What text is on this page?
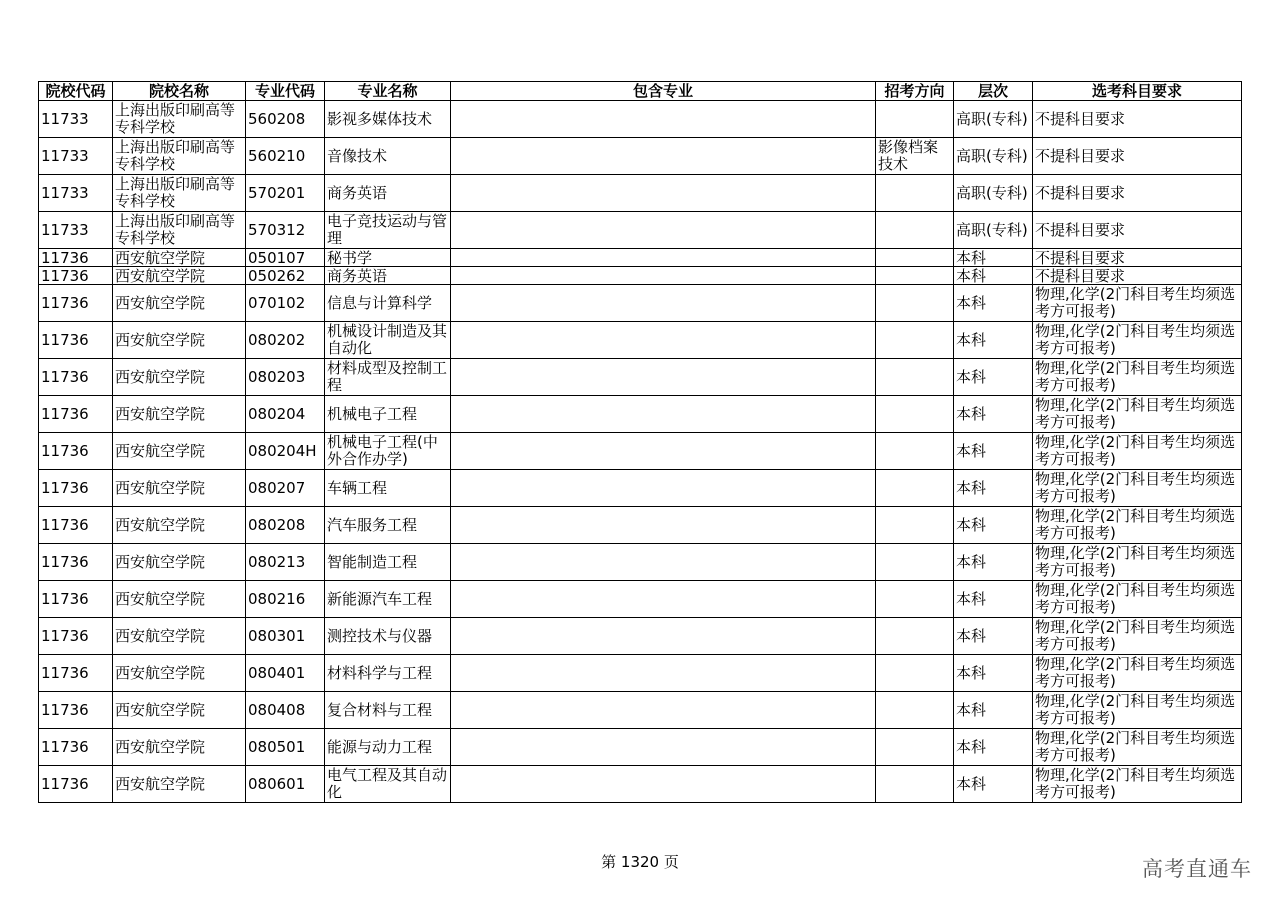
院校代码	院校名称	专业代码	专业名称	包含专业	招考方向	层次	选考科目要求
11733	上海出版印刷高等专科学校	560208	影视多媒体技术			高职(专科)	不提科目要求
11733	上海出版印刷高等专科学校	560210	音像技术		影像档案技术	高职(专科)	不提科目要求
11733	上海出版印刷高等专科学校	570201	商务英语			高职(专科)	不提科目要求
11733	上海出版印刷高等专科学校	570312	电子竞技运动与管理			高职(专科)	不提科目要求
11736	西安航空学院	050107	秘书学			本科	不提科目要求
11736	西安航空学院	050262	商务英语			本科	不提科目要求
11736	西安航空学院	070102	信息与计算科学			本科	物理,化学(2门科目考生均须选考方可报考)
11736	西安航空学院	080202	机械设计制造及其自动化			本科	物理,化学(2门科目考生均须选考方可报考)
11736	西安航空学院	080203	材料成型及控制工程			本科	物理,化学(2门科目考生均须选考方可报考)
11736	西安航空学院	080204	机械电子工程			本科	物理,化学(2门科目考生均须选考方可报考)
11736	西安航空学院	080204H	机械电子工程(中外合作办学)			本科	物理,化学(2门科目考生均须选考方可报考)
11736	西安航空学院	080207	车辆工程			本科	物理,化学(2门科目考生均须选考方可报考)
11736	西安航空学院	080208	汽车服务工程			本科	物理,化学(2门科目考生均须选考方可报考)
11736	西安航空学院	080213	智能制造工程			本科	物理,化学(2门科目考生均须选考方可报考)
11736	西安航空学院	080216	新能源汽车工程			本科	物理,化学(2门科目考生均须选考方可报考)
11736	西安航空学院	080301	测控技术与仪器			本科	物理,化学(2门科目考生均须选考方可报考)
11736	西安航空学院	080401	材料科学与工程			本科	物理,化学(2门科目考生均须选考方可报考)
11736	西安航空学院	080408	复合材料与工程			本科	物理,化学(2门科目考生均须选考方可报考)
11736	西安航空学院	080501	能源与动力工程			本科	物理,化学(2门科目考生均须选考方可报考)
11736	西安航空学院	080601	电气工程及其自动化			本科	物理,化学(2门科目考生均须选考方可报考)
第 1320 页	高考直通车
